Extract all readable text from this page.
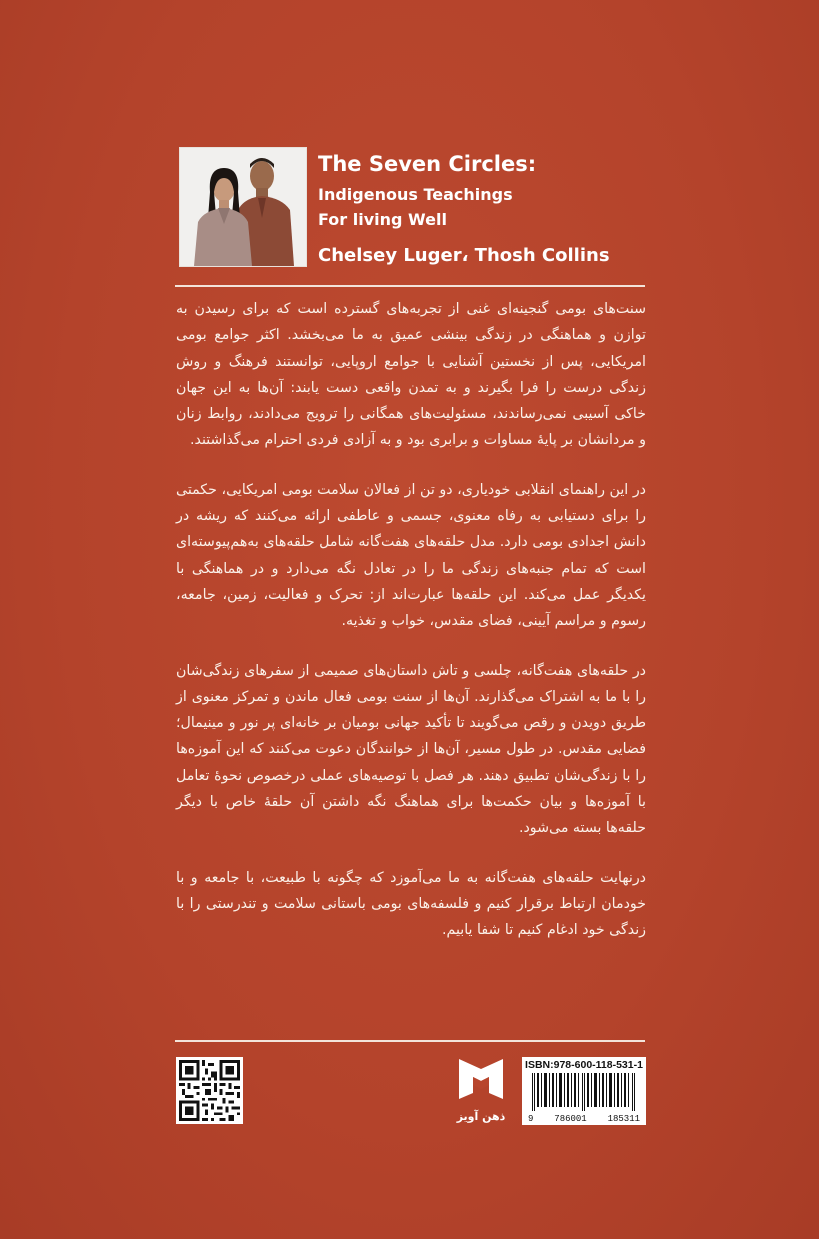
The Seven Circles:
Indigenous Teachings
For living Well
Chelsey Luger، Thosh Collins

سنت‌های بومی گنجینه‌ای غنی از تجربه‌های گسترده است که برای رسیدن به توازن و هماهنگی در زندگی بینشی عمیق به ما می‌بخشد. اکثر جوامع بومی امریکایی، پس از نخستین آشنایی با جوامع اروپایی، توانستند فرهنگ و روش زندگی درست را فرا بگیرند و به تمدن واقعی دست یابند: آن‌ها به این جهان خاکی آسیبی نمی‌رساندند، مسئولیت‌های همگانی را ترویج می‌دادند، روابط زنان و مردانشان بر پایهٔ مساوات و برابری بود و به آزادی فردی احترام می‌گذاشتند.

در این راهنمای انقلابی خودیاری، دو تن از فعالان سلامت بومی امریکایی، حکمتی را برای دستیابی به رفاه معنوی، جسمی و عاطفی ارائه می‌کنند که ریشه در دانش اجدادی بومی دارد. مدل حلقه‌های هفت‌گانه شامل حلقه‌های به‌هم‌پیوسته‌ای است که تمام جنبه‌های زندگی ما را در تعادل نگه می‌دارد و در هماهنگی با یکدیگر عمل می‌کند. این حلقه‌ها عبارت‌اند از: تحرک و فعالیت، زمین، جامعه، رسوم و مراسم آیینی، فضای مقدس، خواب و تغذیه.

در حلقه‌های هفت‌گانه، چلسی و تاش داستان‌های صمیمی از سفرهای زندگی‌شان را با ما به اشتراک می‌گذارند. آن‌ها از سنت بومی فعال ماندن و تمرکز معنوی از طریق دویدن و رقص می‌گویند تا تأکید جهانی بومیان بر خانه‌ای پر نور و مینیمال؛ فضایی مقدس. در طول مسیر، آن‌ها از خوانندگان دعوت می‌کنند که این آموزه‌ها را با زندگی‌شان تطبیق دهند. هر فصل با توصیه‌های عملی درخصوص نحوهٔ تعامل با آموزه‌ها و بیان حکمت‌ها برای هماهنگ نگه داشتن آن حلقهٔ خاص با دیگر حلقه‌ها بسته می‌شود.

درنهایت حلقه‌های هفت‌گانه به ما می‌آموزد که چگونه با طبیعت، با جامعه و با خودمان ارتباط برقرار کنیم و فلسفه‌های بومی باستانی سلامت و تندرستی را با زندگی خود ادغام کنیم تا شفا یابیم.

ذهن آویز
ISBN:978-600-118-531-1
9 786001 185311
